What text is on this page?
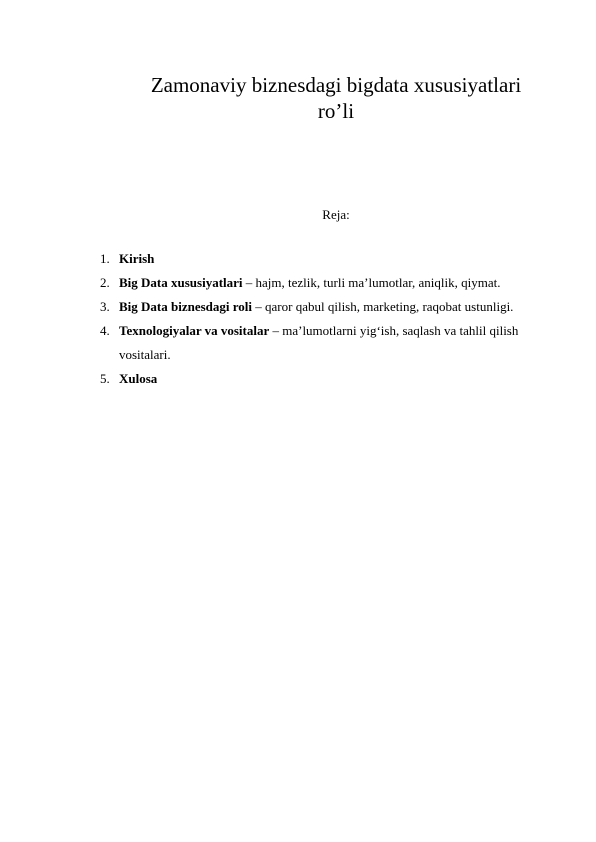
Zamonaviy biznesdagi bigdata xususiyatlari
ro’li

Reja:

1. Kirish
2. Big Data xususiyatlari – hajm, tezlik, turli ma’lumotlar, aniqlik, qiymat.
3. Big Data biznesdagi roli – qaror qabul qilish, marketing, raqobat ustunligi.
4. Texnologiyalar va vositalar – ma’lumotlarni yig‘ish, saqlash va tahlil qilish vositalari.
5. Xulosa
